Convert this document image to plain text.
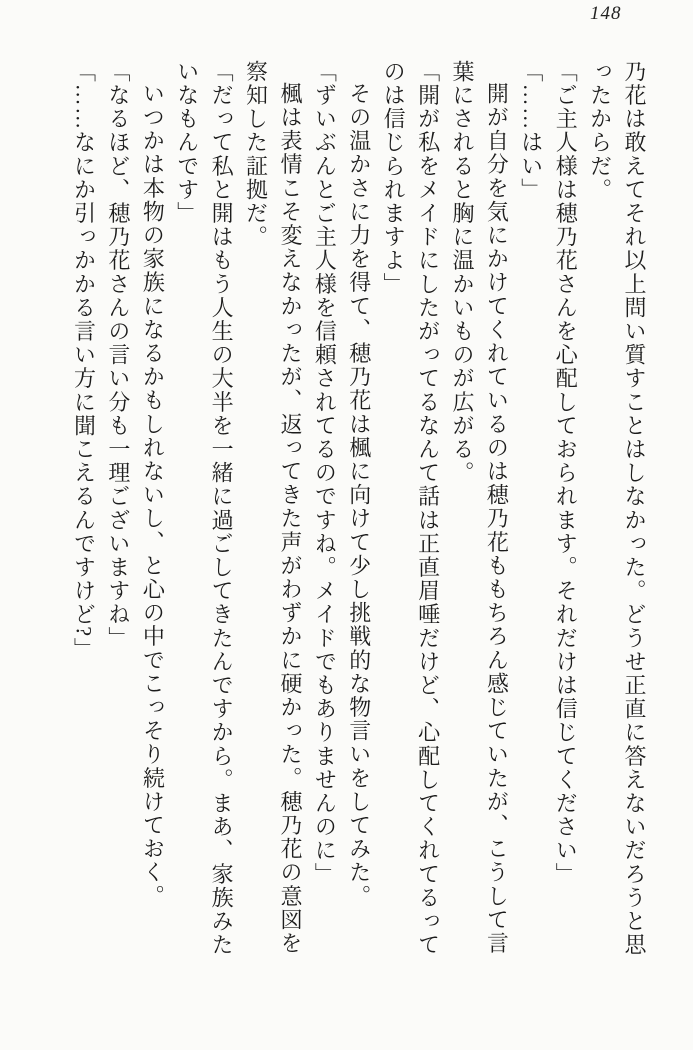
148

乃花は敢えてそれ以上問い質すことはしなかった。どうせ正直に答えないだろうと思

ったからだ。

「ご主人様は穂乃花さんを心配しておられます。それだけは信じてください」

「……はい」

開が自分を気にかけてくれているのは穂乃花ももちろん感じていたが、こうして言

葉にされると胸に温かいものが広がる。

「開が私をメイドにしたがってるなんて話は正直眉唾だけど、心配してくれてるって

のは信じられますよ」

その温かさに力を得て、穂乃花は楓に向けて少し挑戦的な物言いをしてみた。

「ずいぶんとご主人様を信頼されてるのですね。メイドでもありませんのに」

楓は表情こそ変えなかったが、返ってきた声がわずかに硬かった。穂乃花の意図を

察知した証拠だ。

「だって私と開はもう人生の大半を一緒に過ごしてきたんですから。まあ、家族みた

いなもんです」

いつかは本物の家族になるかもしれないし、と心の中でこっそり続けておく。

「なるほど、穂乃花さんの言い分も一理ございますね」

「……なにか引っかかる言い方に聞こえるんですけど?」
